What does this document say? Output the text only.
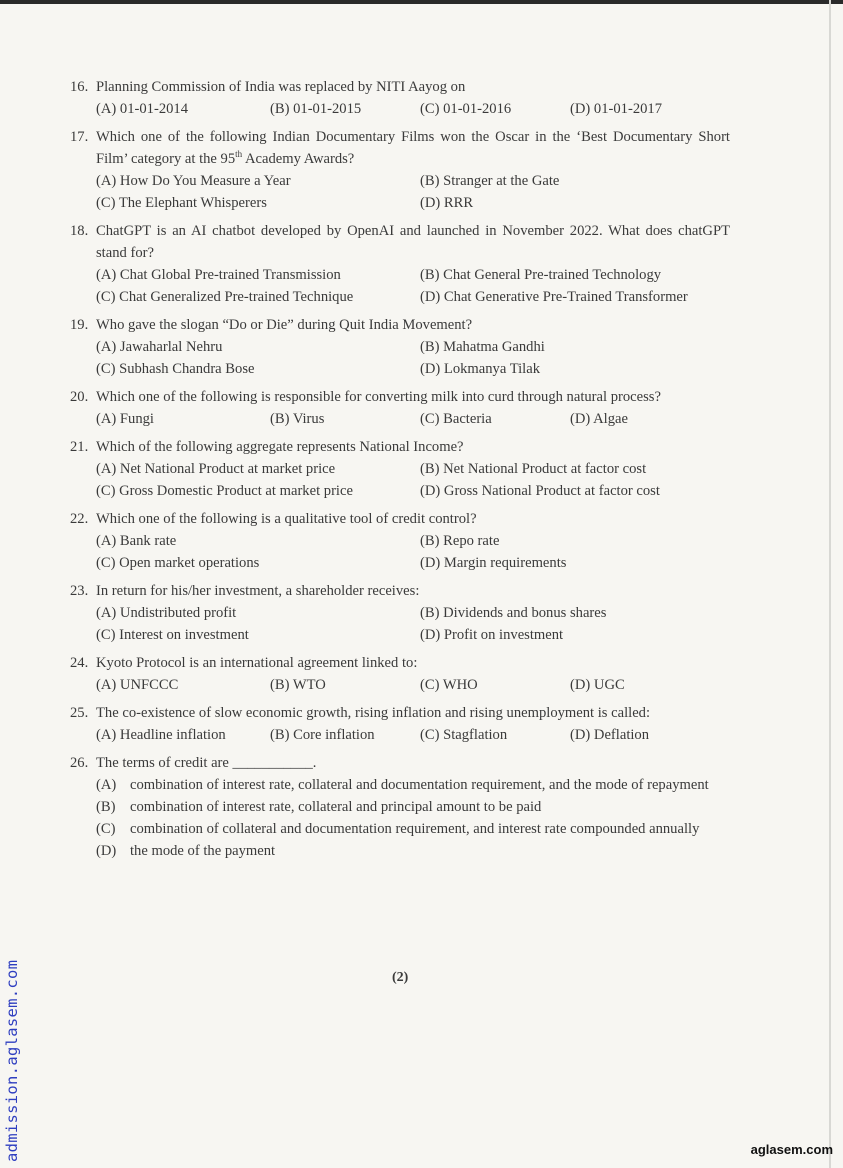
16. Planning Commission of India was replaced by NITI Aayog on
(A) 01-01-2014	(B) 01-01-2015	(C) 01-01-2016	(D) 01-01-2017
17. Which one of the following Indian Documentary Films won the Oscar in the ‘Best Documentary Short Film’ category at the 95th Academy Awards?
(A) How Do You Measure a Year	(B) Stranger at the Gate
(C) The Elephant Whisperers	(D) RRR
18. ChatGPT is an AI chatbot developed by OpenAI and launched in November 2022. What does chatGPT stand for?
(A) Chat Global Pre-trained Transmission	(B) Chat General Pre-trained Technology
(C) Chat Generalized Pre-trained Technique	(D) Chat Generative Pre-Trained Transformer
19. Who gave the slogan “Do or Die” during Quit India Movement?
(A) Jawaharlal Nehru	(B) Mahatma Gandhi
(C) Subhash Chandra Bose	(D) Lokmanya Tilak
20. Which one of the following is responsible for converting milk into curd through natural process?
(A) Fungi	(B) Virus	(C) Bacteria	(D) Algae
21. Which of the following aggregate represents National Income?
(A) Net National Product at market price	(B) Net National Product at factor cost
(C) Gross Domestic Product at market price	(D) Gross National Product at factor cost
22. Which one of the following is a qualitative tool of credit control?
(A) Bank rate	(B) Repo rate
(C) Open market operations	(D) Margin requirements
23. In return for his/her investment, a shareholder receives:
(A) Undistributed profit	(B) Dividends and bonus shares
(C) Interest on investment	(D) Profit on investment
24. Kyoto Protocol is an international agreement linked to:
(A) UNFCCC	(B) WTO	(C) WHO	(D) UGC
25. The co-existence of slow economic growth, rising inflation and rising unemployment is called:
(A) Headline inflation	(B) Core inflation	(C) Stagflation	(D) Deflation
26. The terms of credit are ___________.
(A) combination of interest rate, collateral and documentation requirement, and the mode of repayment
(B) combination of interest rate, collateral and principal amount to be paid
(C) combination of collateral and documentation requirement, and interest rate compounded annually
(D) the mode of the payment
(2)
admission.aglasem.com	aglasem.com
